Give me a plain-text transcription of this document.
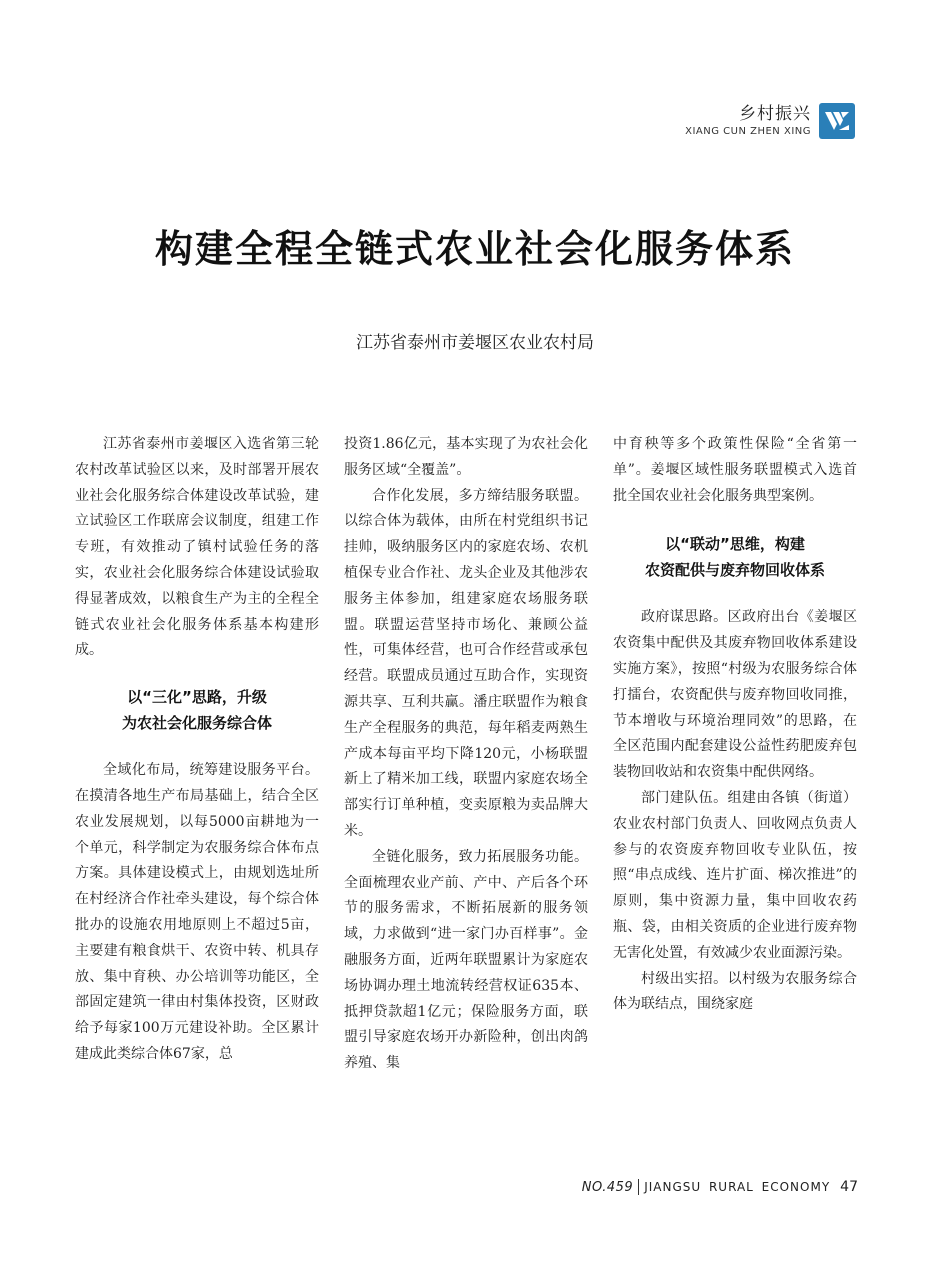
乡村振兴
XIANG CUN ZHEN XING
构建全程全链式农业社会化服务体系
江苏省泰州市姜堰区农业农村局

江苏省泰州市姜堰区入选省第三轮农村改革试验区以来，及时部署开展农业社会化服务综合体建设改革试验，建立试验区工作联席会议制度，组建工作专班，有效推动了镇村试验任务的落实，农业社会化服务综合体建设试验取得显著成效，以粮食生产为主的全程全链式农业社会化服务体系基本构建形成。

以“三化”思路，升级
为农社会化服务综合体

全域化布局，统筹建设服务平台。在摸清各地生产布局基础上，结合全区农业发展规划，以每5000亩耕地为一个单元，科学制定为农服务综合体布点方案。具体建设模式上，由规划选址所在村经济合作社牵头建设，每个综合体批办的设施农用地原则上不超过5亩，主要建有粮食烘干、农资中转、机具存放、集中育秧、办公培训等功能区，全部固定建筑一律由村集体投资，区财政给予每家100万元建设补助。全区累计建成此类综合体67家，总

投资1.86亿元，基本实现了为农社会化服务区域“全覆盖”。

合作化发展，多方缔结服务联盟。以综合体为载体，由所在村党组织书记挂帅，吸纳服务区内的家庭农场、农机植保专业合作社、龙头企业及其他涉农服务主体参加，组建家庭农场服务联盟。联盟运营坚持市场化、兼顾公益性，可集体经营，也可合作经营或承包经营。联盟成员通过互助合作，实现资源共享、互利共赢。潘庄联盟作为粮食生产全程服务的典范，每年稻麦两熟生产成本每亩平均下降120元，小杨联盟新上了精米加工线，联盟内家庭农场全部实行订单种植，变卖原粮为卖品牌大米。

全链化服务，致力拓展服务功能。全面梳理农业产前、产中、产后各个环节的服务需求，不断拓展新的服务领域，力求做到“进一家门办百样事”。金融服务方面，近两年联盟累计为家庭农场协调办理土地流转经营权证635本、抵押贷款超1亿元；保险服务方面，联盟引导家庭农场开办新险种，创出肉鸽养殖、集

中育秧等多个政策性保险“全省第一单”。姜堰区域性服务联盟模式入选首批全国农业社会化服务典型案例。

以“联动”思维，构建
农资配供与废弃物回收体系

政府谋思路。区政府出台《姜堰区农资集中配供及其废弃物回收体系建设实施方案》，按照“村级为农服务综合体打擂台，农资配供与废弃物回收同推，节本增收与环境治理同效”的思路，在全区范围内配套建设公益性药肥废弃包装物回收站和农资集中配供网络。

部门建队伍。组建由各镇（街道）农业农村部门负责人、回收网点负责人参与的农资废弃物回收专业队伍，按照“串点成线、连片扩面、梯次推进”的原则，集中资源力量，集中回收农药瓶、袋，由相关资质的企业进行废弃物无害化处置，有效减少农业面源污染。

村级出实招。以村级为农服务综合体为联结点，围绕家庭

NO.459 JIANGSU RURAL ECONOMY 47
